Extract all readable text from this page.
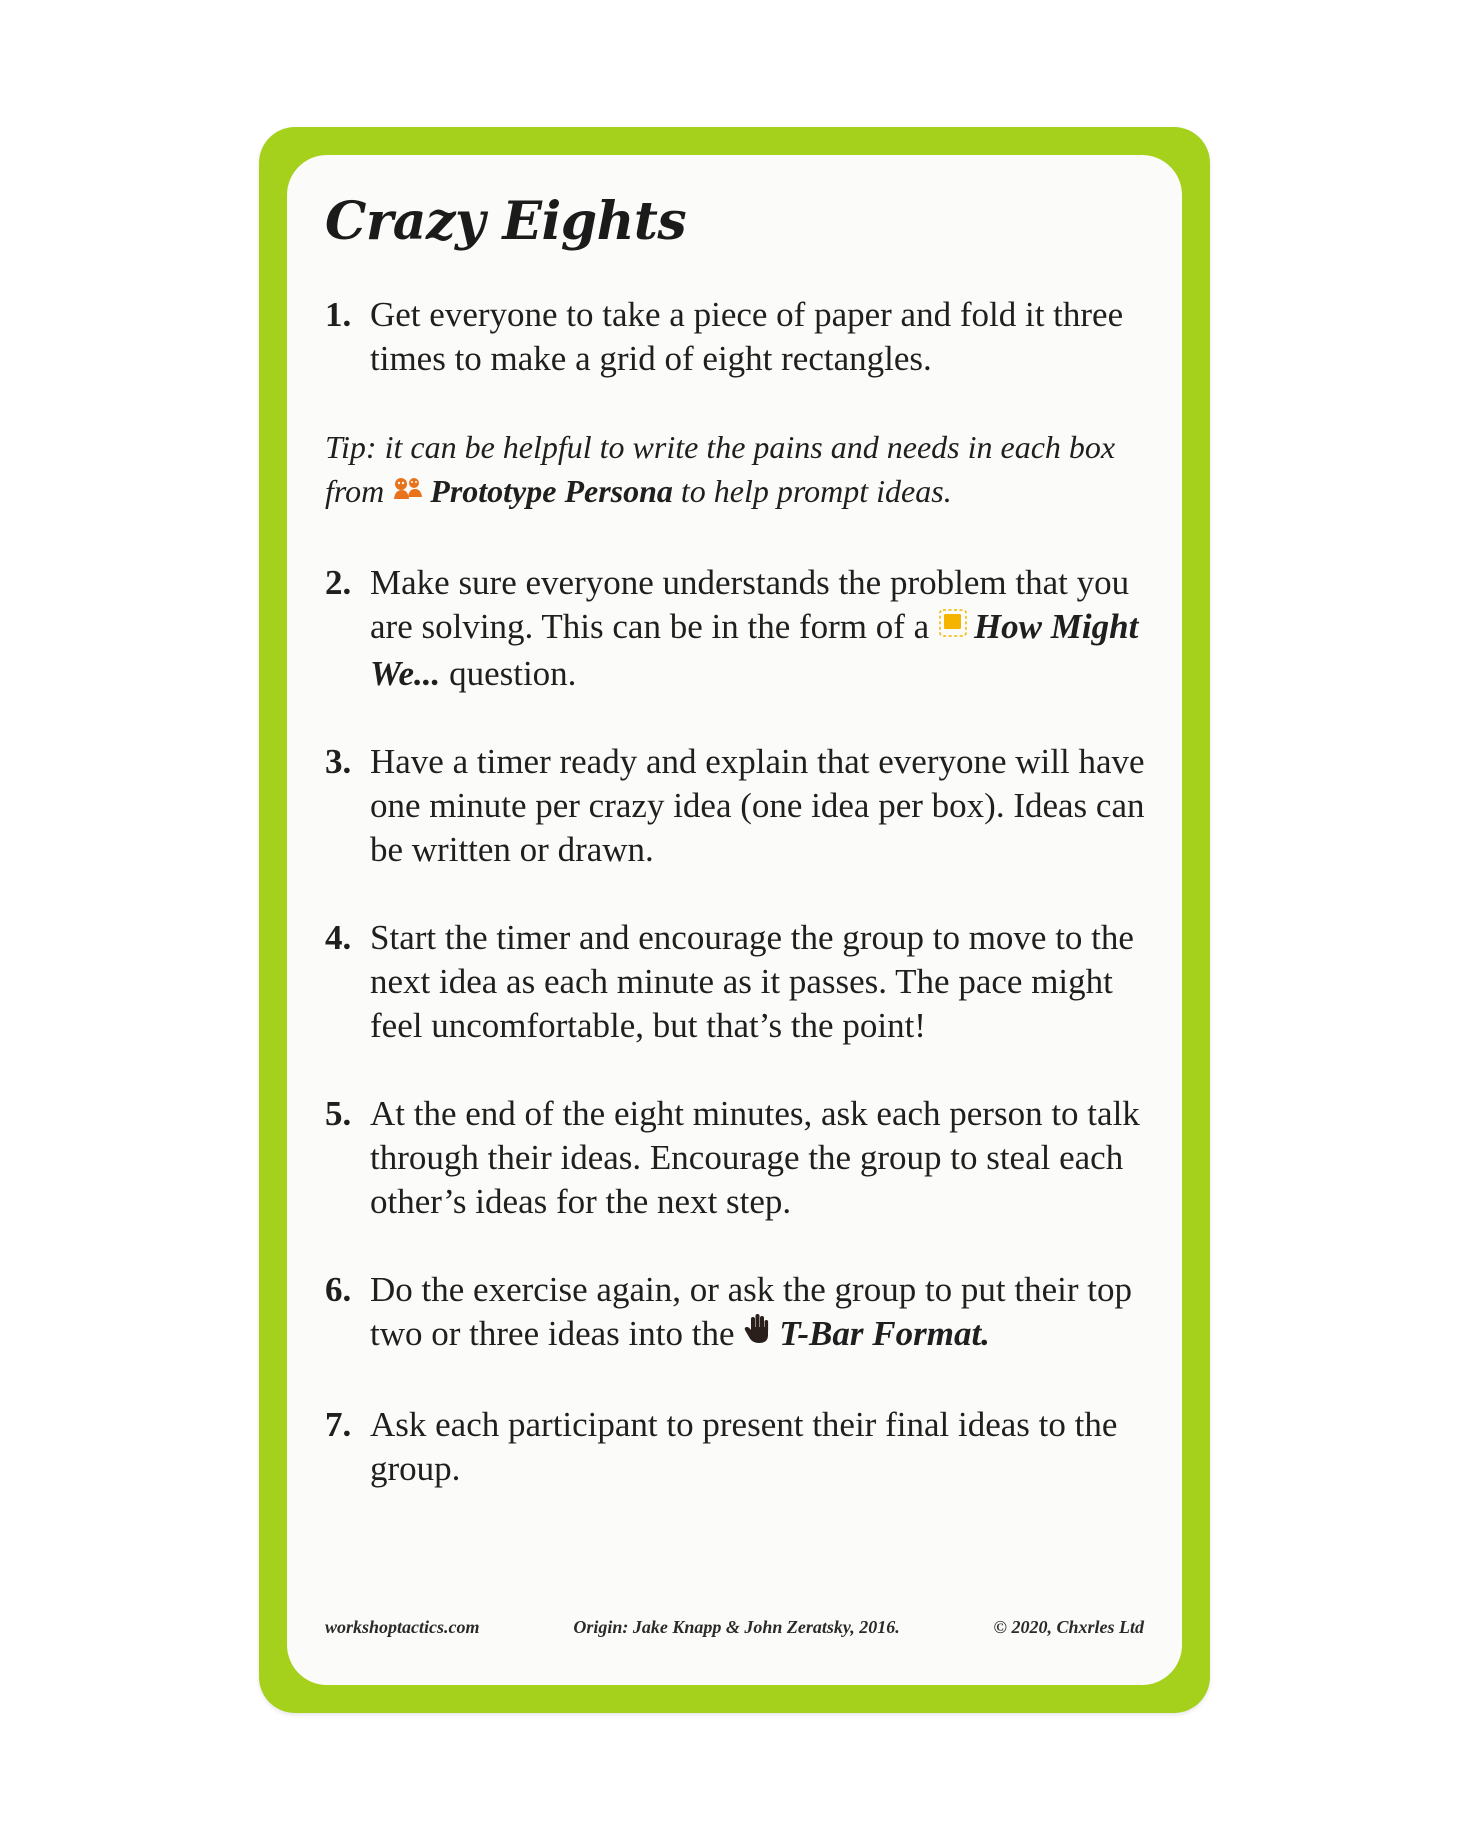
Crazy Eights
1. Get everyone to take a piece of paper and fold it three times to make a grid of eight rectangles.
Tip: it can be helpful to write the pains and needs in each box from Prototype Persona to help prompt ideas.
2. Make sure everyone understands the problem that you are solving. This can be in the form of a How Might We... question.
3. Have a timer ready and explain that everyone will have one minute per crazy idea (one idea per box). Ideas can be written or drawn.
4. Start the timer and encourage the group to move to the next idea as each minute as it passes. The pace might feel uncomfortable, but that’s the point!
5. At the end of the eight minutes, ask each person to talk through their ideas. Encourage the group to steal each other’s ideas for the next step.
6. Do the exercise again, or ask the group to put their top two or three ideas into the T-Bar Format.
7. Ask each participant to present their final ideas to the group.
workshoptactics.com	Origin: Jake Knapp & John Zeratsky, 2016.	© 2020, Chxrles Ltd
